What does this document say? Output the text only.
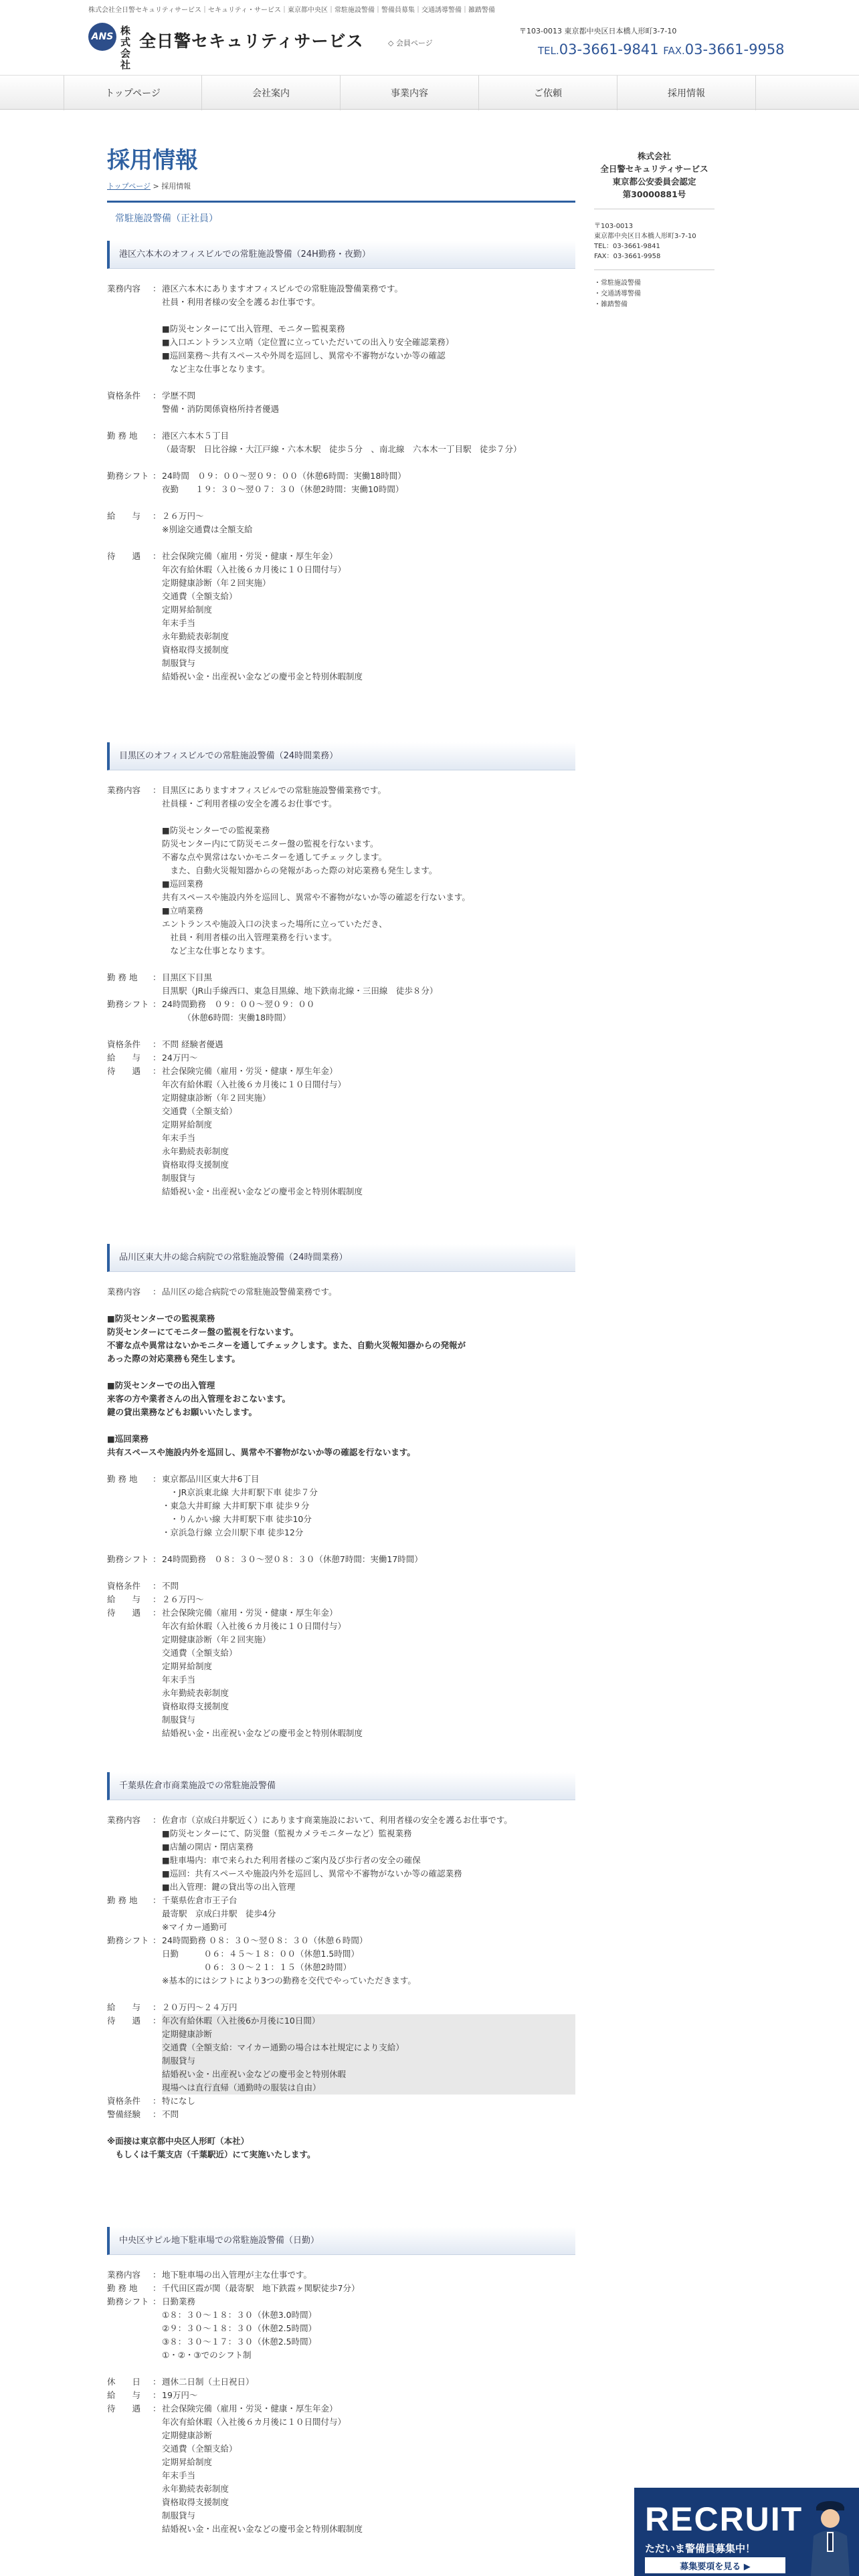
株式会社全日警セキュリティサービス｜セキュリティ・サービス｜東京都中央区｜常駐施設警備｜警備員募集｜交通誘導警備｜雑踏警備
ANS 株式会社
全日警セキュリティサービス	◇ 会員ページ
〒103-0013 東京都中央区日本橋人形町3-7-10
TEL.03-3661-9841 FAX.03-3661-9958
トップページ	会社案内	事業内容	ご依頼	採用情報
採用情報
トップページ > 採用情報
常駐施設警備（正社員）
港区六本木のオフィスビルでの常駐施設警備（24H勤務・夜勤）
業務内容	： 港区六本木にありますオフィスビルでの常駐施設警備業務です。
社員・利用者様の安全を護るお仕事です。

■防災センターにて出入管理、モニター監視業務
■入口エントランス立哨（定位置に立っていただいての出入り安全確認業務）
■巡回業務～共有スペースや外周を巡回し、異常や不審物がないか等の確認
　など主な仕事となります。
資格条件	： 学歴不問
警備・消防関係資格所持者優遇
勤 務 地	： 港区六本木５丁目
（最寄駅　日比谷線・大江戸線・六本木駅　徒歩５分　、南北線　六本木一丁目駅　徒歩７分）
勤務シフト ： 24時間　０９：００～翌０９：００（休憩6時間：実働18時間）
夜勤　　１９：３０～翌０７：３０（休憩2時間：実働10時間）
給　　与	： ２６万円～
※別途交通費は全額支給
待　　遇	： 社会保険完備（雇用・労災・健康・厚生年金）
年次有給休暇（入社後６カ月後に１０日間付与）
定期健康診断（年２回実施）
交通費（全額支給）
定期昇給制度
年末手当
永年勤続表彰制度
資格取得支援制度
制服貸与
結婚祝い金・出産祝い金などの慶弔金と特別休暇制度
目黒区のオフィスビルでの常駐施設警備（24時間業務）
業務内容	： 目黒区にありますオフィスビルでの常駐施設警備業務です。
社員様・ご利用者様の安全を護るお仕事です。

■防災センターでの監視業務
防災センター内にて防災モニター盤の監視を行ないます。
不審な点や異常はないかモニターを通してチェックします。
　また、自動火災報知器からの発報があった際の対応業務も発生します。
■巡回業務
共有スペースや施設内外を巡回し、異常や不審物がないか等の確認を行ないます。
■立哨業務
エントランスや施設入口の決まった場所に立っていただき、
　社員・利用者様の出入管理業務を行います。
　など主な仕事となります。
勤 務 地	： 目黒区下目黒
目黒駅（JR山手線西口、東急目黒線、地下鉄南北線・三田線　徒歩８分）
勤務シフト ： 24時間勤務　０９：００～翌０９：００
　　　（休憩6時間：実働18時間）
資格条件	： 不問 経験者優遇
給　　与	： 24万円～
待　　遇	： 社会保険完備（雇用・労災・健康・厚生年金）
年次有給休暇（入社後６カ月後に１０日間付与）
定期健康診断（年２回実施）
交通費（全額支給）
定期昇給制度
年末手当
永年勤続表彰制度
資格取得支援制度
制服貸与
結婚祝い金・出産祝い金などの慶弔金と特別休暇制度
品川区東大井の総合病院での常駐施設警備（24時間業務）
業務内容	： 品川区の総合病院での常駐施設警備業務です。
■防災センターでの監視業務
防災センターにてモニター盤の監視を行ないます。
不審な点や異常はないかモニターを通してチェックします。また、自動火災報知器からの発報が
あった際の対応業務も発生します。

■防災センターでの出入管理
来客の方や業者さんの出入管理をおこないます。
鍵の貸出業務などもお願いいたします。

■巡回業務
共有スペースや施設内外を巡回し、異常や不審物がないか等の確認を行ないます。
勤 務 地	： 東京都品川区東大井6丁目
　・JR京浜東北線 大井町駅下車 徒歩７分
・東急大井町線 大井町駅下車 徒歩９分
　・りんかい線 大井町駅下車 徒歩10分
・京浜急行線 立会川駅下車 徒歩12分
勤務シフト ： 24時間勤務　０８：３０～翌０８：３０（休憩7時間：実働17時間）
資格条件	： 不問
給　　与	： ２６万円～
待　　遇	： 社会保険完備（雇用・労災・健康・厚生年金）
年次有給休暇（入社後６カ月後に１０日間付与）
定期健康診断（年２回実施）
交通費（全額支給）
定期昇給制度
年末手当
永年勤続表彰制度
資格取得支援制度
制服貸与
結婚祝い金・出産祝い金などの慶弔金と特別休暇制度
千葉県佐倉市商業施設での常駐施設警備
業務内容	： 佐倉市（京成臼井駅近く）にあります商業施設において、利用者様の安全を護るお仕事です。
■防災センターにて、防災盤（監視カメラモニターなど）監視業務
■店舗の開店・閉店業務
■駐車場内：車で来られた利用者様のご案内及び歩行者の安全の確保
■巡回：共有スペースや施設内外を巡回し、異常や不審物がないか等の確認業務
■出入管理：鍵の貸出等の出入管理
勤 務 地	： 千葉県佐倉市王子台
最寄駅　京成臼井駅　徒歩4分
※マイカー通勤可
勤務シフト ： 24時間勤務 ０８：３０～翌０８：３０（休憩６時間）
日勤　　　０６：４５～１８：００（休憩1.5時間）
　　　　　０６：３０～２１：１５（休憩2時間）
※基本的にはシフトにより3つの勤務を交代でやっていただきます。
給　　与	： ２０万円～２４万円
待　　遇	： 年次有給休暇（入社後6か月後に10日間）
定期健康診断
交通費（全額支給：マイカー通勤の場合は本社規定により支給）
制服貸与
結婚祝い金・出産祝い金などの慶弔金と特別休暇
現場へは直行直帰（通勤時の服装は自由）
資格条件	： 特になし
警備経験	： 不問
※面接は東京都中央区人形町（本社）
　もしくは千葉支店（千葉駅近）にて実施いたします。
中央区サピル地下駐車場での常駐施設警備（日勤）
業務内容	： 地下駐車場の出入管理が主な仕事です。
勤 務 地	： 千代田区霞が関（最寄駅　地下鉄霞ヶ関駅徒歩7分）
勤務シフト ： 日勤業務
①８：３０～１８：３０（休憩3.0時間）
②９：３０～１８：３０（休憩2.5時間）
③８：３０～１７：３０（休憩2.5時間）
①・②・③でのシフト制
休　　日	： 週休二日制（土日祝日）
給　　与	： 19万円～
待　　遇	： 社会保険完備（雇用・労災・健康・厚生年金）
年次有給休暇（入社後６カ月後に１０日間付与）
定期健康診断
交通費（全額支給）
定期昇給制度
年末手当
永年勤続表彰制度
資格取得支援制度
制服貸与
結婚祝い金・出産祝い金などの慶弔金と特別休暇制度
株式会社
全日警セキュリティサービス
東京都公安委員会認定
第30000881号
〒103-0013
東京都中央区日本橋人形町3-7-10
TEL：03-3661-9841
FAX：03-3661-9958
・常駐施設警備
・交通誘導警備
・雑踏警備
RECRUIT
ただいま警備員募集中！
募集要項を見る ▶
